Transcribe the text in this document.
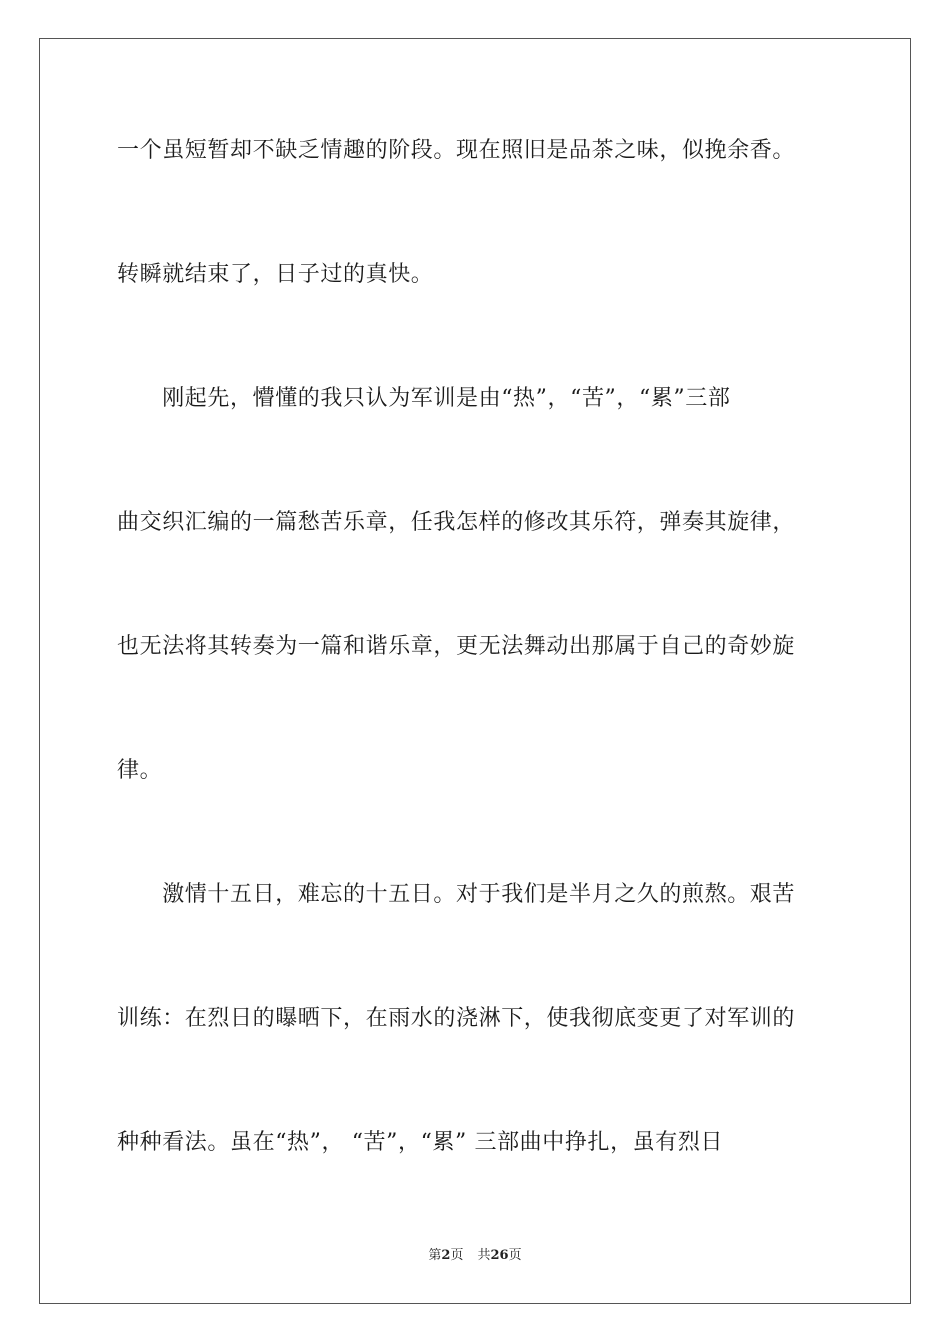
一个虽短暂却不缺乏情趣的阶段。现在照旧是品茶之味，似挽余香。
转瞬就结束了，日子过的真快。
　　刚起先，懵懂的我只认为军训是由“热”，“苦”，“累”三部
曲交织汇编的一篇愁苦乐章，任我怎样的修改其乐符，弹奏其旋律，
也无法将其转奏为一篇和谐乐章，更无法舞动出那属于自己的奇妙旋
律。
　　激情十五日，难忘的十五日。对于我们是半月之久的煎熬。艰苦
训练：在烈日的曝晒下，在雨水的浇淋下，使我彻底变更了对军训的
种种看法。虽在“热”， “苦”，“累” 三部曲中挣扎，虽有烈日
第2页 共26页
